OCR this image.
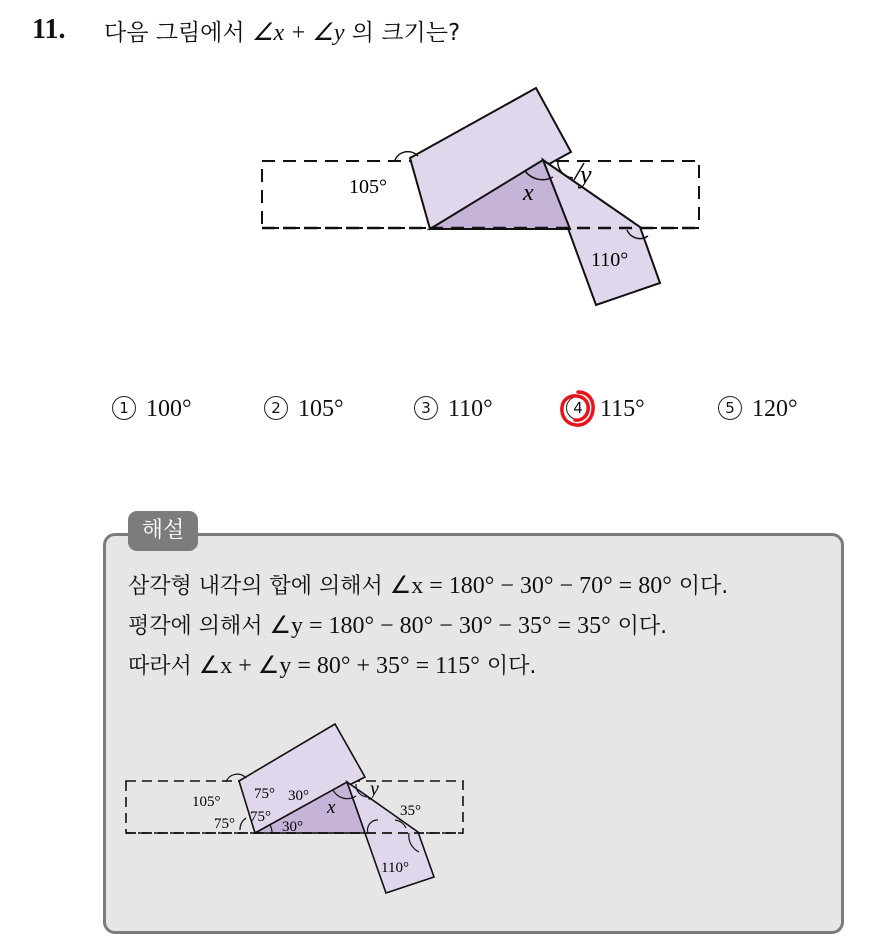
11. 다음 그림에서 ∠x + ∠y 의 크기는?
105°	x
y
110°
1 100°	2 105°	3 110°	4 115°	5 120°
해설
삼각형 내각의 합에 의해서 ∠x = 180° − 30° − 70° = 80° 이다.
평각에 의해서 ∠y = 180° − 80° − 30° − 35° = 35° 이다.
따라서 ∠x + ∠y = 80° + 35° = 115° 이다.
105° 75° 30°
75°
75°	30°
x
y
35°
110°
